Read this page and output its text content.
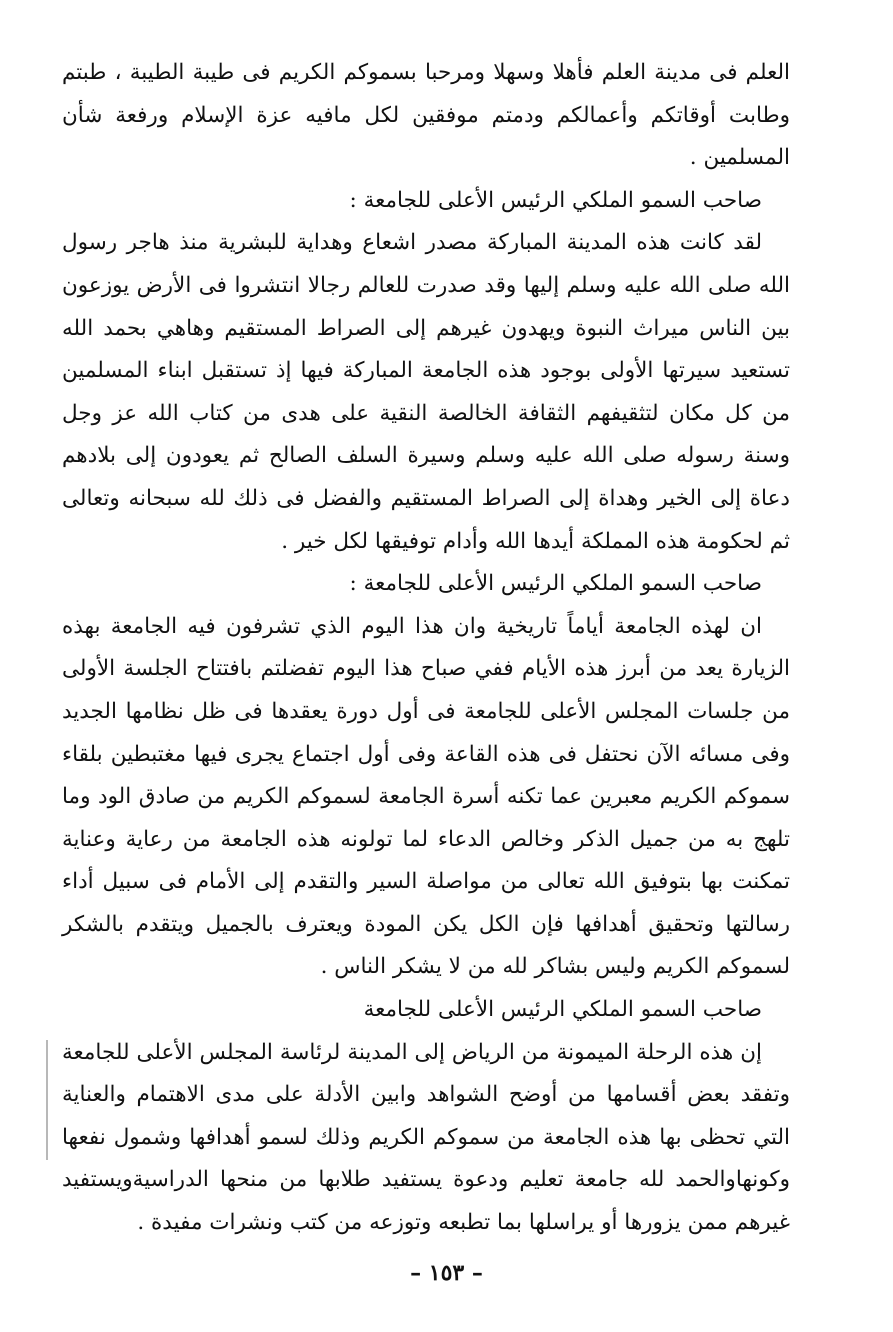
العلم فى مدينة العلم فأهلا وسهلا ومرحبا بسموكم الكريم فى طيبة الطيبة ، طبتم وطابت أوقاتكم وأعمالكم ودمتم موفقين لكل مافيه عزة الإسلام ورفعة شأن المسلمين .

صاحب السمو الملكي الرئيس الأعلى للجامعة :

لقد كانت هذه المدينة المباركة مصدر اشعاع وهداية للبشرية منذ هاجر رسول الله صلى الله عليه وسلم إليها وقد صدرت للعالم رجالا انتشروا فى الأرض يوزعون بين الناس ميراث النبوة ويهدون غيرهم إلى الصراط المستقيم وهاهي بحمد الله تستعيد سيرتها الأولى بوجود هذه الجامعة المباركة فيها إذ تستقبل ابناء المسلمين من كل مكان لتثقيفهم الثقافة الخالصة النقية على هدى من كتاب الله عز وجل وسنة رسوله صلى الله عليه وسلم وسيرة السلف الصالح ثم يعودون إلى بلادهم دعاة إلى الخير وهداة إلى الصراط المستقيم والفضل فى ذلك لله سبحانه وتعالى ثم لحكومة هذه المملكة أيدها الله وأدام توفيقها لكل خير .

صاحب السمو الملكي الرئيس الأعلى للجامعة :

ان لهذه الجامعة أياماً تاريخية وان هذا اليوم الذي تشرفون فيه الجامعة بهذه الزيارة يعد من أبرز هذه الأيام ففي صباح هذا اليوم تفضلتم بافتتاح الجلسة الأولى من جلسات المجلس الأعلى للجامعة فى أول دورة يعقدها فى ظل نظامها الجديد وفى مسائه الآن نحتفل فى هذه القاعة وفى أول اجتماع يجرى فيها مغتبطين بلقاء سموكم الكريم معبرين عما تكنه أسرة الجامعة لسموكم الكريم من صادق الود وما تلهج به من جميل الذكر وخالص الدعاء لما تولونه هذه الجامعة من رعاية وعناية تمكنت بها بتوفيق الله تعالى من مواصلة السير والتقدم إلى الأمام فى سبيل أداء رسالتها وتحقيق أهدافها فإن الكل يكن المودة ويعترف بالجميل ويتقدم بالشكر لسموكم الكريم وليس بشاكر لله من لا يشكر الناس .

صاحب السمو الملكي الرئيس الأعلى للجامعة

إن هذه الرحلة الميمونة من الرياض إلى المدينة لرئاسة المجلس الأعلى للجامعة وتفقد بعض أقسامها من أوضح الشواهد وابين الأدلة على مدى الاهتمام والعناية التي تحظى بها هذه الجامعة من سموكم الكريم وذلك لسمو أهدافها وشمول نفعها وكونهاوالحمد لله جامعة تعليم ودعوة يستفيد طلابها من منحها الدراسيةويستفيد غيرهم ممن يزورها أو يراسلها بما تطبعه وتوزعه من كتب ونشرات مفيدة .

– ١٥٣ –
